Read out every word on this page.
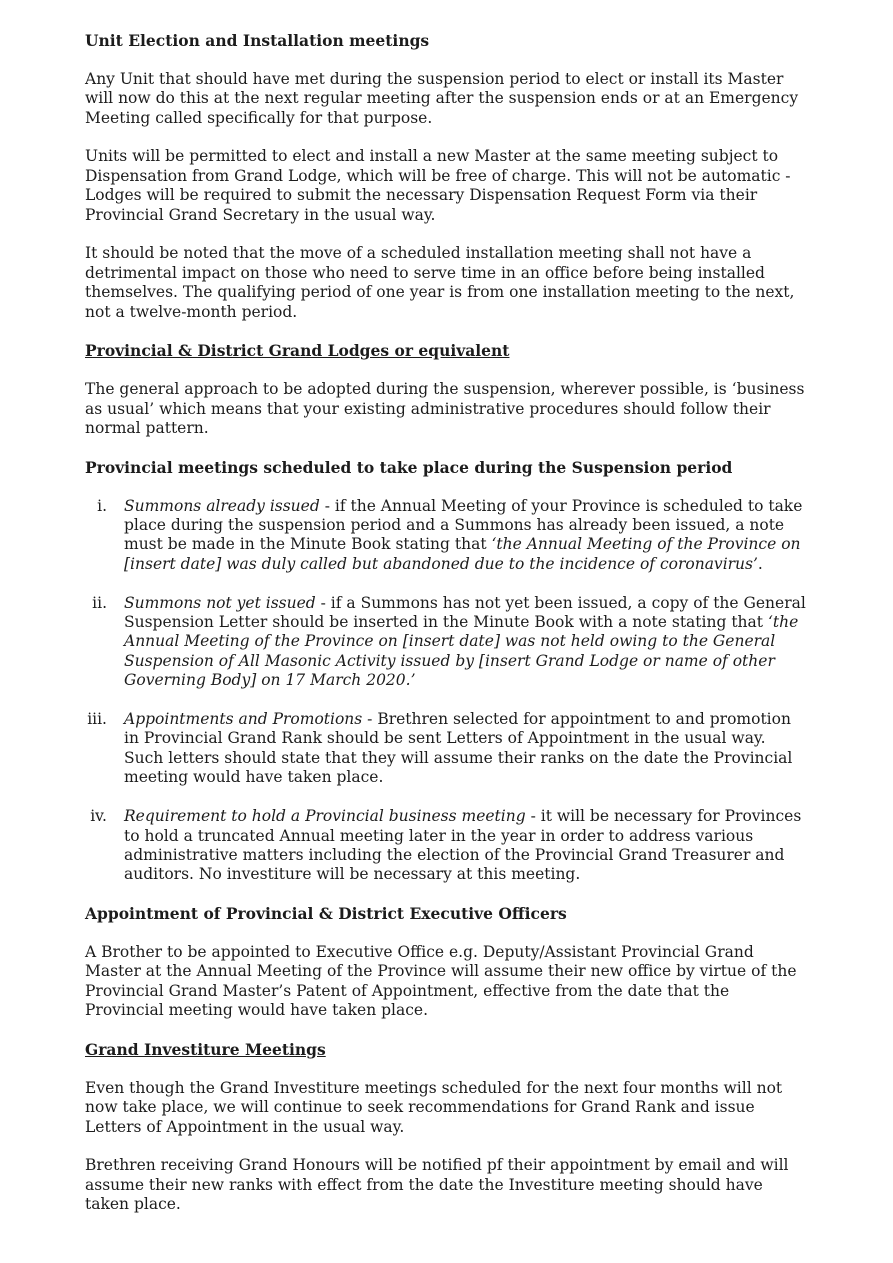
Unit Election and Installation meetings

Any Unit that should have met during the suspension period to elect or install its Master will now do this at the next regular meeting after the suspension ends or at an Emergency Meeting called specifically for that purpose.

Units will be permitted to elect and install a new Master at the same meeting subject to Dispensation from Grand Lodge, which will be free of charge. This will not be automatic - Lodges will be required to submit the necessary Dispensation Request Form via their Provincial Grand Secretary in the usual way.

It should be noted that the move of a scheduled installation meeting shall not have a detrimental impact on those who need to serve time in an office before being installed themselves. The qualifying period of one year is from one installation meeting to the next, not a twelve-month period.

Provincial & District Grand Lodges or equivalent

The general approach to be adopted during the suspension, wherever possible, is ‘business as usual’ which means that your existing administrative procedures should follow their normal pattern.

Provincial meetings scheduled to take place during the Suspension period
i. Summons already issued - if the Annual Meeting of your Province is scheduled to take place during the suspension period and a Summons has already been issued, a note must be made in the Minute Book stating that ‘the Annual Meeting of the Province on [insert date] was duly called but abandoned due to the incidence of coronavirus’.
ii. Summons not yet issued - if a Summons has not yet been issued, a copy of the General Suspension Letter should be inserted in the Minute Book with a note stating that ‘the Annual Meeting of the Province on [insert date] was not held owing to the General Suspension of All Masonic Activity issued by [insert Grand Lodge or name of other Governing Body] on 17 March 2020.’
iii. Appointments and Promotions - Brethren selected for appointment to and promotion in Provincial Grand Rank should be sent Letters of Appointment in the usual way. Such letters should state that they will assume their ranks on the date the Provincial meeting would have taken place.
iv. Requirement to hold a Provincial business meeting - it will be necessary for Provinces to hold a truncated Annual meeting later in the year in order to address various administrative matters including the election of the Provincial Grand Treasurer and auditors. No investiture will be necessary at this meeting.
Appointment of Provincial & District Executive Officers

A Brother to be appointed to Executive Office e.g. Deputy/Assistant Provincial Grand Master at the Annual Meeting of the Province will assume their new office by virtue of the Provincial Grand Master’s Patent of Appointment, effective from the date that the Provincial meeting would have taken place.

Grand Investiture Meetings

Even though the Grand Investiture meetings scheduled for the next four months will not now take place, we will continue to seek recommendations for Grand Rank and issue Letters of Appointment in the usual way.

Brethren receiving Grand Honours will be notified pf their appointment by email and will assume their new ranks with effect from the date the Investiture meeting should have taken place.
